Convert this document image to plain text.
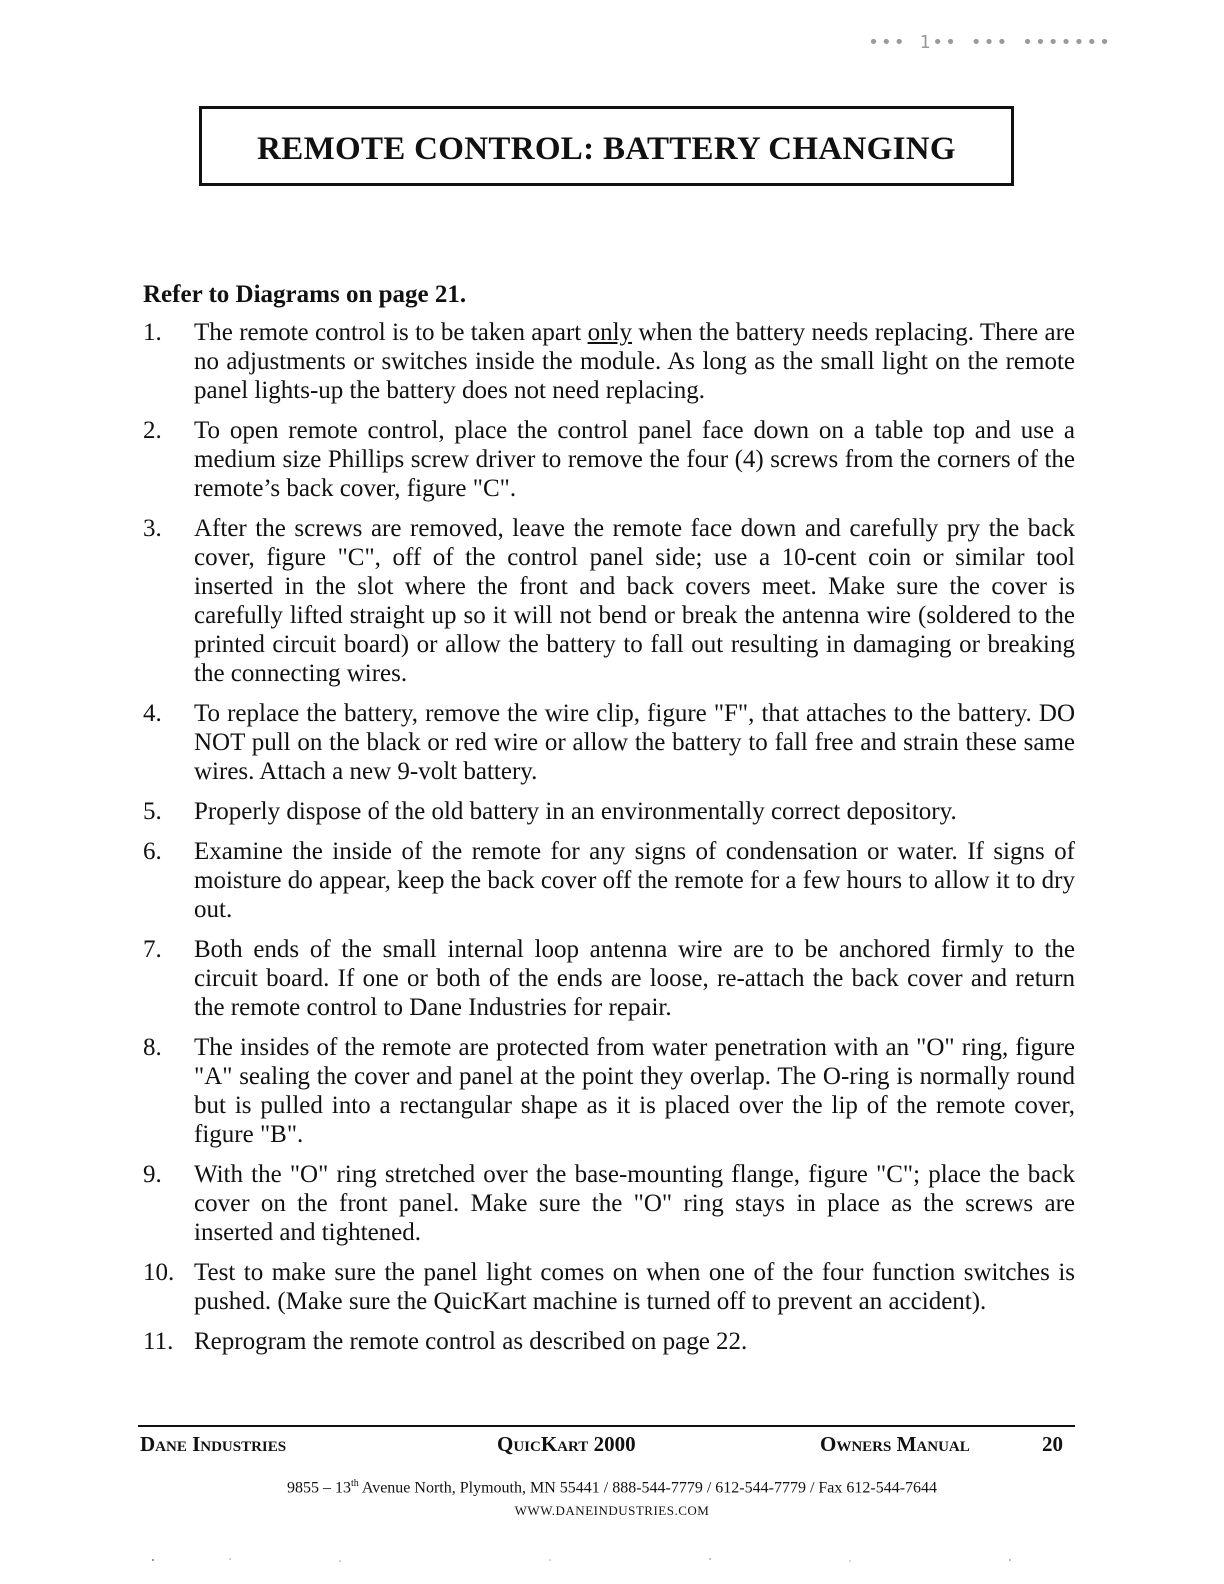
••• 1•• ••• •••••••
REMOTE CONTROL: BATTERY CHANGING
Refer to Diagrams on page 21.
1.	The remote control is to be taken apart only when the battery needs replacing. There are no adjustments or switches inside the module. As long as the small light on the remote panel lights-up the battery does not need replacing.
2.	To open remote control, place the control panel face down on a table top and use a medium size Phillips screw driver to remove the four (4) screws from the corners of the remote’s back cover, figure "C".
3.	After the screws are removed, leave the remote face down and carefully pry the back cover, figure "C", off of the control panel side; use a 10-cent coin or similar tool inserted in the slot where the front and back covers meet. Make sure the cover is carefully lifted straight up so it will not bend or break the antenna wire (soldered to the printed circuit board) or allow the battery to fall out resulting in damaging or breaking the connecting wires.
4.	To replace the battery, remove the wire clip, figure "F", that attaches to the battery. DO NOT pull on the black or red wire or allow the battery to fall free and strain these same wires. Attach a new 9-volt battery.
5.	Properly dispose of the old battery in an environmentally correct depository.
6.	Examine the inside of the remote for any signs of condensation or water. If signs of moisture do appear, keep the back cover off the remote for a few hours to allow it to dry out.
7.	Both ends of the small internal loop antenna wire are to be anchored firmly to the circuit board. If one or both of the ends are loose, re-attach the back cover and return the remote control to Dane Industries for repair.
8.	The insides of the remote are protected from water penetration with an "O" ring, figure "A" sealing the cover and panel at the point they overlap. The O-ring is normally round but is pulled into a rectangular shape as it is placed over the lip of the remote cover, figure "B".
9.	With the "O" ring stretched over the base-mounting flange, figure "C"; place the back cover on the front panel. Make sure the "O" ring stays in place as the screws are inserted and tightened.
10. Test to make sure the panel light comes on when one of the four function switches is pushed. (Make sure the QuicKart machine is turned off to prevent an accident).
11. Reprogram the remote control as described on page 22.
Dane Industries	QuicKart 2000	Owners Manual	20
9855 – 13th Avenue North, Plymouth, MN 55441 / 888-544-7779 / 612-544-7779 / Fax 612-544-7644
WWW.DANEINDUSTRIES.COM
